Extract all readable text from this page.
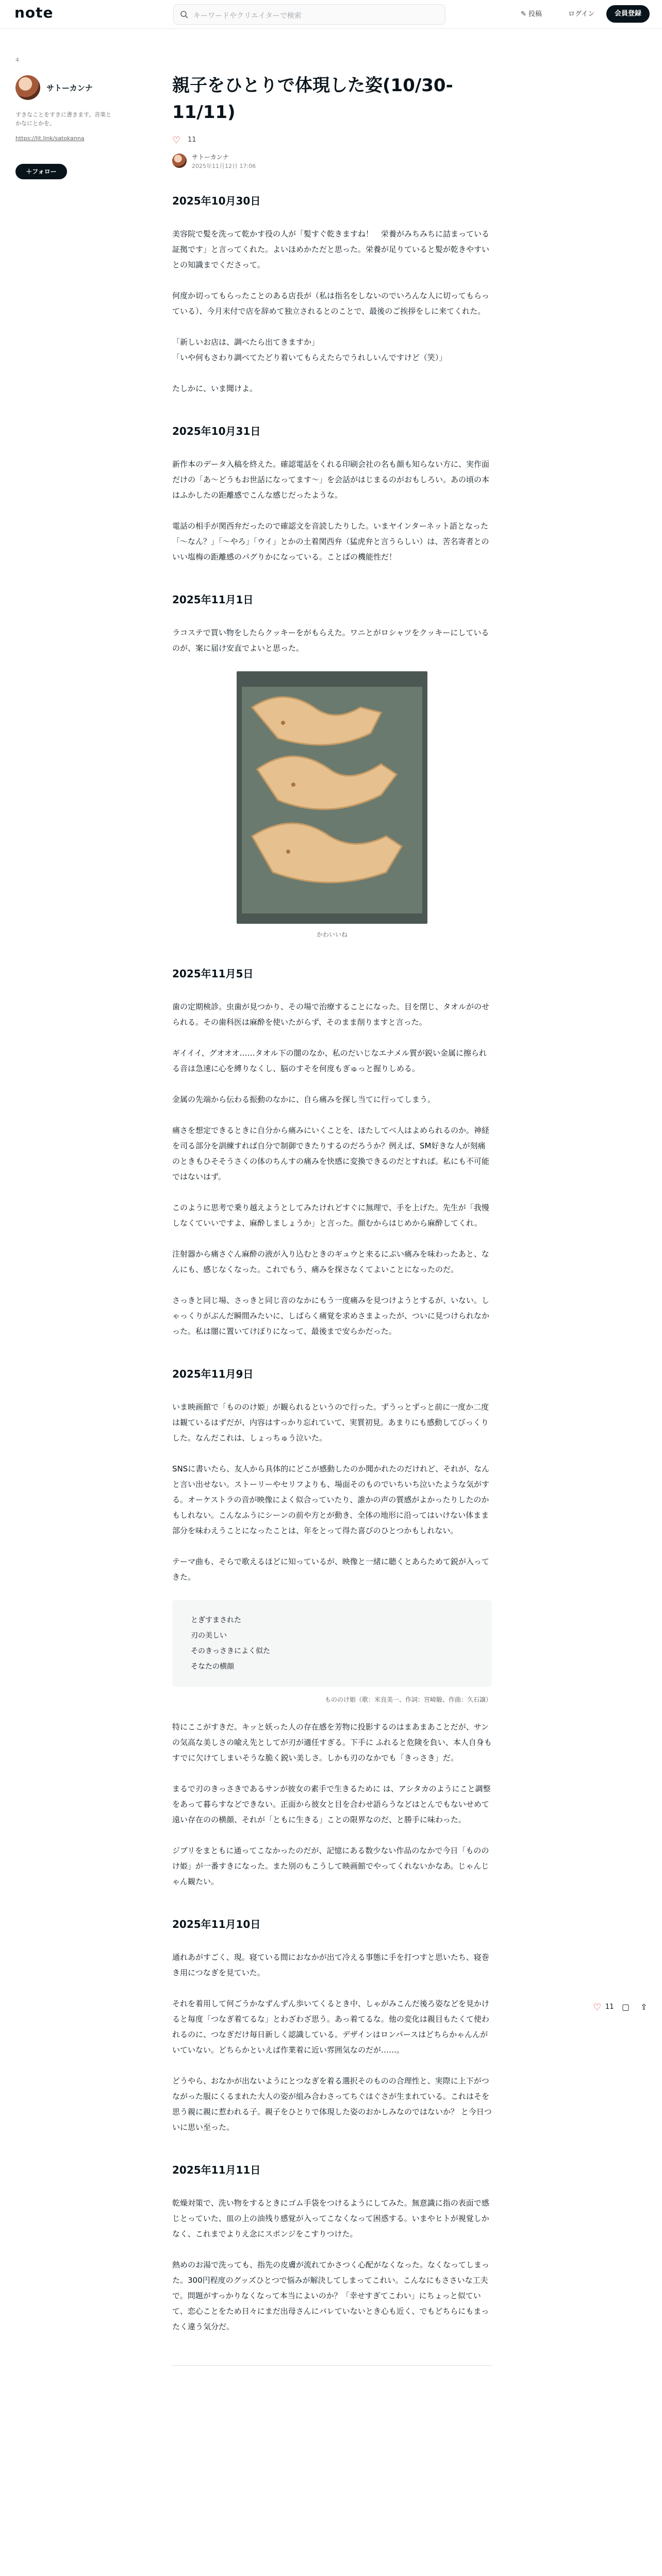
note	キーワードやクリエイターで検索	✎ 投稿	ログイン	会員登録
4
サトーカンナ
すきなことをすきに書きます。音楽とかなにとかを。
https://lit.link/satokanna
＋フォロー
親子をひとりで体現した姿(10/30-11/11)
♡ 11
サトーカンナ
2025年11月12日 17:06
2025年10月30日

美容院で髪を洗って乾かす役の人が「髪すぐ乾きますね！　栄養がみちみちに詰まっている証拠です」と言ってくれた。よいほめかただと思った。栄養が足りていると髪が乾きやすいとの知識までくださって。

何度か切ってもらったことのある店長が（私は指名をしないのでいろんな人に切ってもらっている）、今月末付で店を辞めて独立されるとのことで、最後のご挨拶をしに来てくれた。

「新しいお店は、調べたら出てきますか」
「いや何もさわり調べてたどり着いてもらえたらでうれしいんですけど（笑）」

たしかに、いま聞けよ。

2025年10月31日

新作本のデータ入稿を終えた。確認電話をくれる印刷会社の名も顔も知らない方に、実作面だけの「あ〜どうもお世話になってます〜」を会話がはじまるのがおもしろい。あの頃の本はふかしたの距離感でこんな感じだったような。

電話の相手が関西弁だったので確認文を音読したりした。いまヤインターネット語となった「〜なん？」「〜やろ」「ウイ」とかの土着関西弁（猛虎弁と言うらしい）は、苦名寄者とのいい塩梅の距離感のパグりかになっている。ことばの機能性だ！

2025年11月1日

ラコステで買い物をしたらクッキーをがもらえた。ワニとがロシャツをクッキーにしているのが、案に届け安直でよいと思った。

かわいいね
2025年11月5日

歯の定期検診。虫歯が見つかり、その場で治療することになった。目を閉じ、タオルがのせられる。その歯科医は麻酔を使いたがらず、そのまま削りますと言った。

ギイイイ、グオオオ……タオル下の闇のなか、私のだいじなエナメル質が鋭い金属に擦られる音は急速に心を縛りなくし、脳のすそを何度もぎゅっと握りしめる。

金属の先端から伝わる振動のなかに、自ら痛みを探し当てに行ってしまう。

痛さを想定できるときに自分から痛みにいくことを、ほたしてべ人はよめられるのか。神経を司る部分を訓練すれば自分で制御できたりするのだろうか？例えば、SM好きな人が刻痛のときもひそそうさくの体のちんすの痛みを快感に変換できるのだとすれば。私にも不可能ではないはず。

このように思考で乗り越えようとしてみたけれどすぐに無理で、手を上げた。先生が「我慢しなくていいですよ、麻酔しましょうか」と言った。顔むからはじめから麻酔してくれ。

注射器から痛さぐん麻酔の液が入り込むときのギュウと来るにぶい痛みを味わったあと、なんにも、感じなくなった。これでもう、痛みを探さなくてよいことになったのだ。

さっきと同じ場、さっきと同じ音のなかにもう一度痛みを見つけようとするが、いない。しゃっくりがぶんだ瞬間みたいに、しばらく痛覚を求めさまよったが、ついに見つけられなかった。私は闇に置いてけぼりになって、最後まで安らかだった。

2025年11月9日

いま映画館で「もののけ姫」が観られるというので行った。ずうっとずっと前に一度か二度は観ているはずだが、内容はすっかり忘れていて、実質初見。あまりにも感動してびっくりした。なんだこれは、しょっちゅう泣いた。

SNSに書いたら、友人から具体的にどこが感動したのか聞かれたのだけれど、それが、なんと言い出せない。ストーリーやセリフよりも、場面そのものでいちいち泣いたような気がする。オーケストラの音が映像によく似合っていたり、誰かの声の質感がよかったりしたのかもしれない。こんなふうにシーンの前や方とが動き、全体の地形に沿ってはいけない体まま部分を味わえうことになったことは、年をとって得た喜びのひとつかもしれない。

テーマ曲も、そらで歌えるほどに知っているが、映像と一緒に聴くとあらためて鋭が入ってきた。

とぎすまされた
刃の美しい
そのきっさきによく似た
そなたの横顔
もののけ姫（歌：米良美一、作詞：宮崎駿、作曲：久石譲）

特にここがすきだ。キッと妖った人の存在感を芳物に投影するのはまあまあことだが、サンの気高な美しさの喩え先としてが刃が適任すぎる。下手に ふれると危険を負い、本人自身もすでに欠けてしまいそうな脆く鋭い美しさ。しかも刃のなかでも「きっさき」だ。

まるで刃のきっさきであるサンが彼女の素手で生きるために は、アシタカのようにこと調整をあって暮らすなどできない。正面から彼女と目を合わせ語らうなどはとんでもないせめて遠い存在のの横顔、それが「ともに生きる」ことの限界なのだ、と勝手に味わった。

ジブリをまともに通ってこなかったのだが、記憶にある数少ない作品のなかで今日「もののけ姫」が一番すきになった。また別のもこうして映画館でやってくれないかなあ。じゃんじゃん観たい。

2025年11月10日

通れあがすごく、現。寝ている間におなかが出て冷える事態に手を打つすと思いたち、寝巻き用につなぎを見ていた。

それを着用して何ごうかなずんずん歩いてくるとき中、しゃがみこんだ後ろ姿などを見かけると毎度「つなぎ着てるな」とわざわざ思う。あっ着てるな。他の変化は親目もたくて使われるのに、つなぎだけ毎日新しく認識している。デザインはロンパースはどちらかゃんんがいていない。どちらかといえば作業着に近い雰囲気なのだが……。

どうやら、おなかが出ないようにとつなぎを着る選択そのものの合理性と、実際に上下がつながった服にくるまれた大人の姿が組み合わさってちぐはぐさが生まれている。これはそを思う親に親に惹われる子。親子をひとりで体現した姿のおかしみなのではないか？ と今日ついに思い至った。

2025年11月11日

乾燥対策で、洗い物をするときにゴム手袋をつけるようにしてみた。無意識に指の表面で感じとっていた、皿の上の油残り感覚が入ってこなくなって困惑する。いまやヒトが視覚しかなく、これまでよりえ念にスポンジをこすりつけた。

熱めのお湯で洗っても、指先の皮膚が流れてかさつく心配がなくなった。なくなってしまった。300円程度のグッズひとつで悩みが解決してしまってこれい。こんなにもささいな工夫で。問題がすっかりなくなって本当によいのか？「幸せすぎてこわい」にちょっと似ていて、恋心ことをため日々にまだ出母さんにバレていないとき心も近く、でもどちらにもまったく違う気分だ。

♡ 11 ▢ ⇪
